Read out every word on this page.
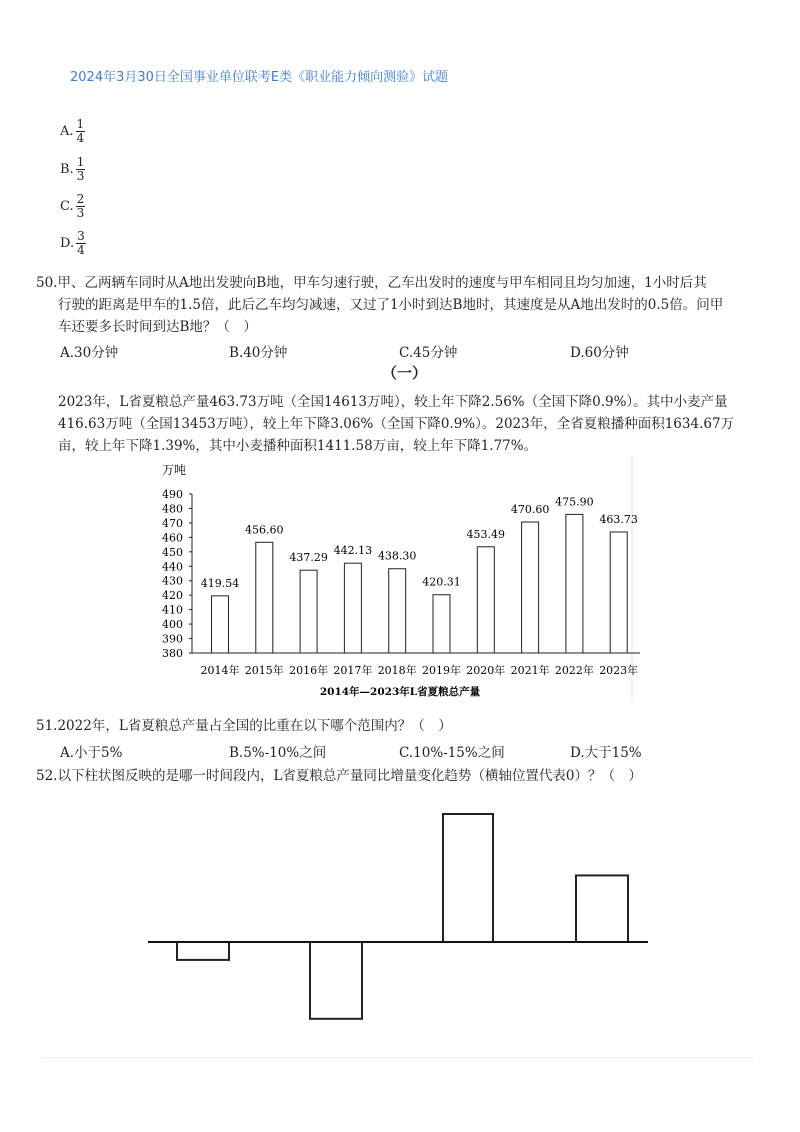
2024年3月30日全国事业单位联考E类《职业能力倾向测验》试题
A. $\frac{1}{4}$
B. $\frac{1}{3}$
C. $\frac{2}{3}$
D. $\frac{3}{4}$
50.甲、乙两辆车同时从A地出发驶向B地，甲车匀速行驶，乙车出发时的速度与甲车相同且均匀加速，1小时后其
行驶的距离是甲车的1.5倍，此后乙车均匀减速，又过了1小时到达B地时，其速度是从A地出发时的0.5倍。问甲
车还要多长时间到达B地？（　）
A.30分钟	B.40分钟	C.45分钟	D.60分钟
（一）
2023年，L省夏粮总产量463.73万吨（全国14613万吨），较上年下降2.56%（全国下降0.9%）。其中小麦产量
416.63万吨（全国13453万吨），较上年下降3.06%（全国下降0.9%）。2023年，全省夏粮播种面积1634.67万
亩，较上年下降1.39%，其中小麦播种面积1411.58万亩，较上年下降1.77%。
万吨
380
390
400
410
420
430
440
450
460
470
480
490
419.54
456.60
437.29
442.13 438.30
420.31
453.49
470.60
475.90
463.73
2014年 2015年 2016年 2017年 2018年 2019年 2020年 2021年 2022年 2023年
2014年—2023年L省夏粮总产量
51.2022年，L省夏粮总产量占全国的比重在以下哪个范围内？（　）
A.小于5%	B.5%-10%之间	C.10%-15%之间	D.大于15%
52.以下柱状图反映的是哪一时间段内，L省夏粮总产量同比增量变化趋势（横轴位置代表0）？（　）
